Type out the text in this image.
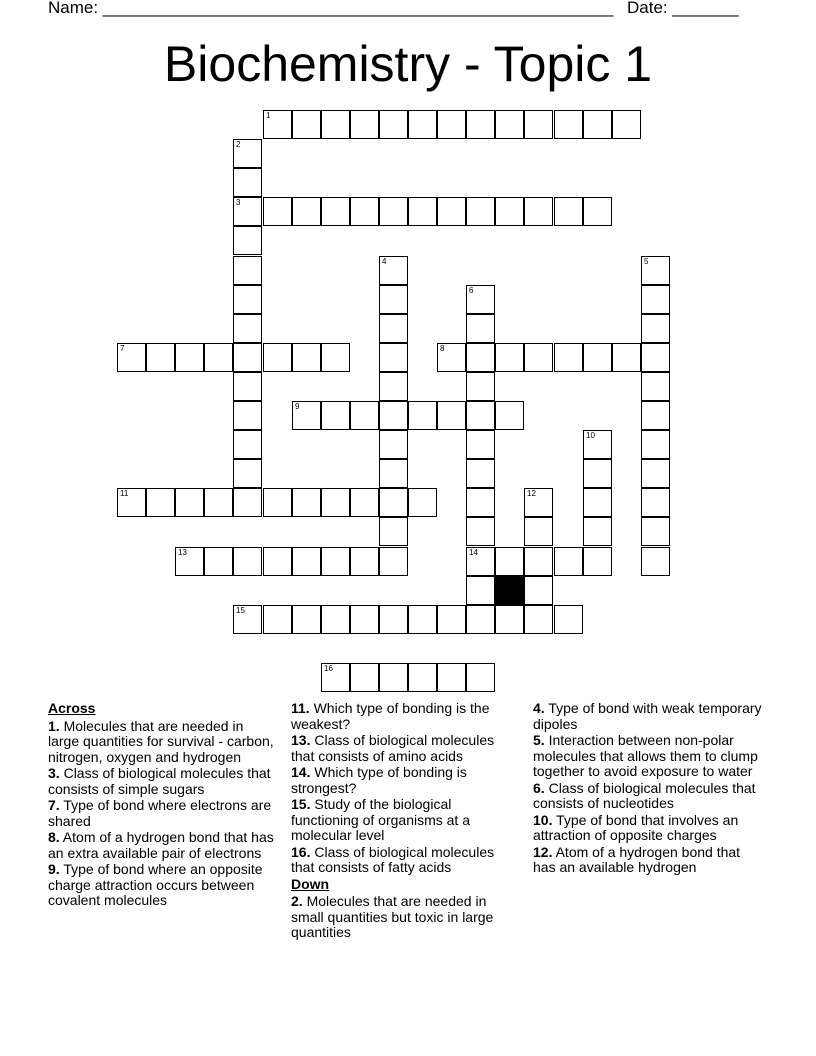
Name: ______________________________________________________ Date: _______
Biochemistry - Topic 1
1
2
3
4	5
6
14
7	8
9
10
11	12
13
15
16
Across
1. Molecules that are needed in large quantities for survival - carbon, nitrogen, oxygen and hydrogen
3. Class of biological molecules that consists of simple sugars
7. Type of bond where electrons are shared
8. Atom of a hydrogen bond that has an extra available pair of electrons
9. Type of bond where an opposite charge attraction occurs between covalent molecules
11. Which type of bonding is the weakest?
13. Class of biological molecules that consists of amino acids
14. Which type of bonding is strongest?
15. Study of the biological functioning of organisms at a molecular level
16. Class of biological molecules that consists of fatty acids
Down
2. Molecules that are needed in small quantities but toxic in large quantities
4. Type of bond with weak temporary dipoles
5. Interaction between non-polar molecules that allows them to clump together to avoid exposure to water
6. Class of biological molecules that consists of nucleotides
10. Type of bond that involves an attraction of opposite charges
12. Atom of a hydrogen bond that has an available hydrogen
